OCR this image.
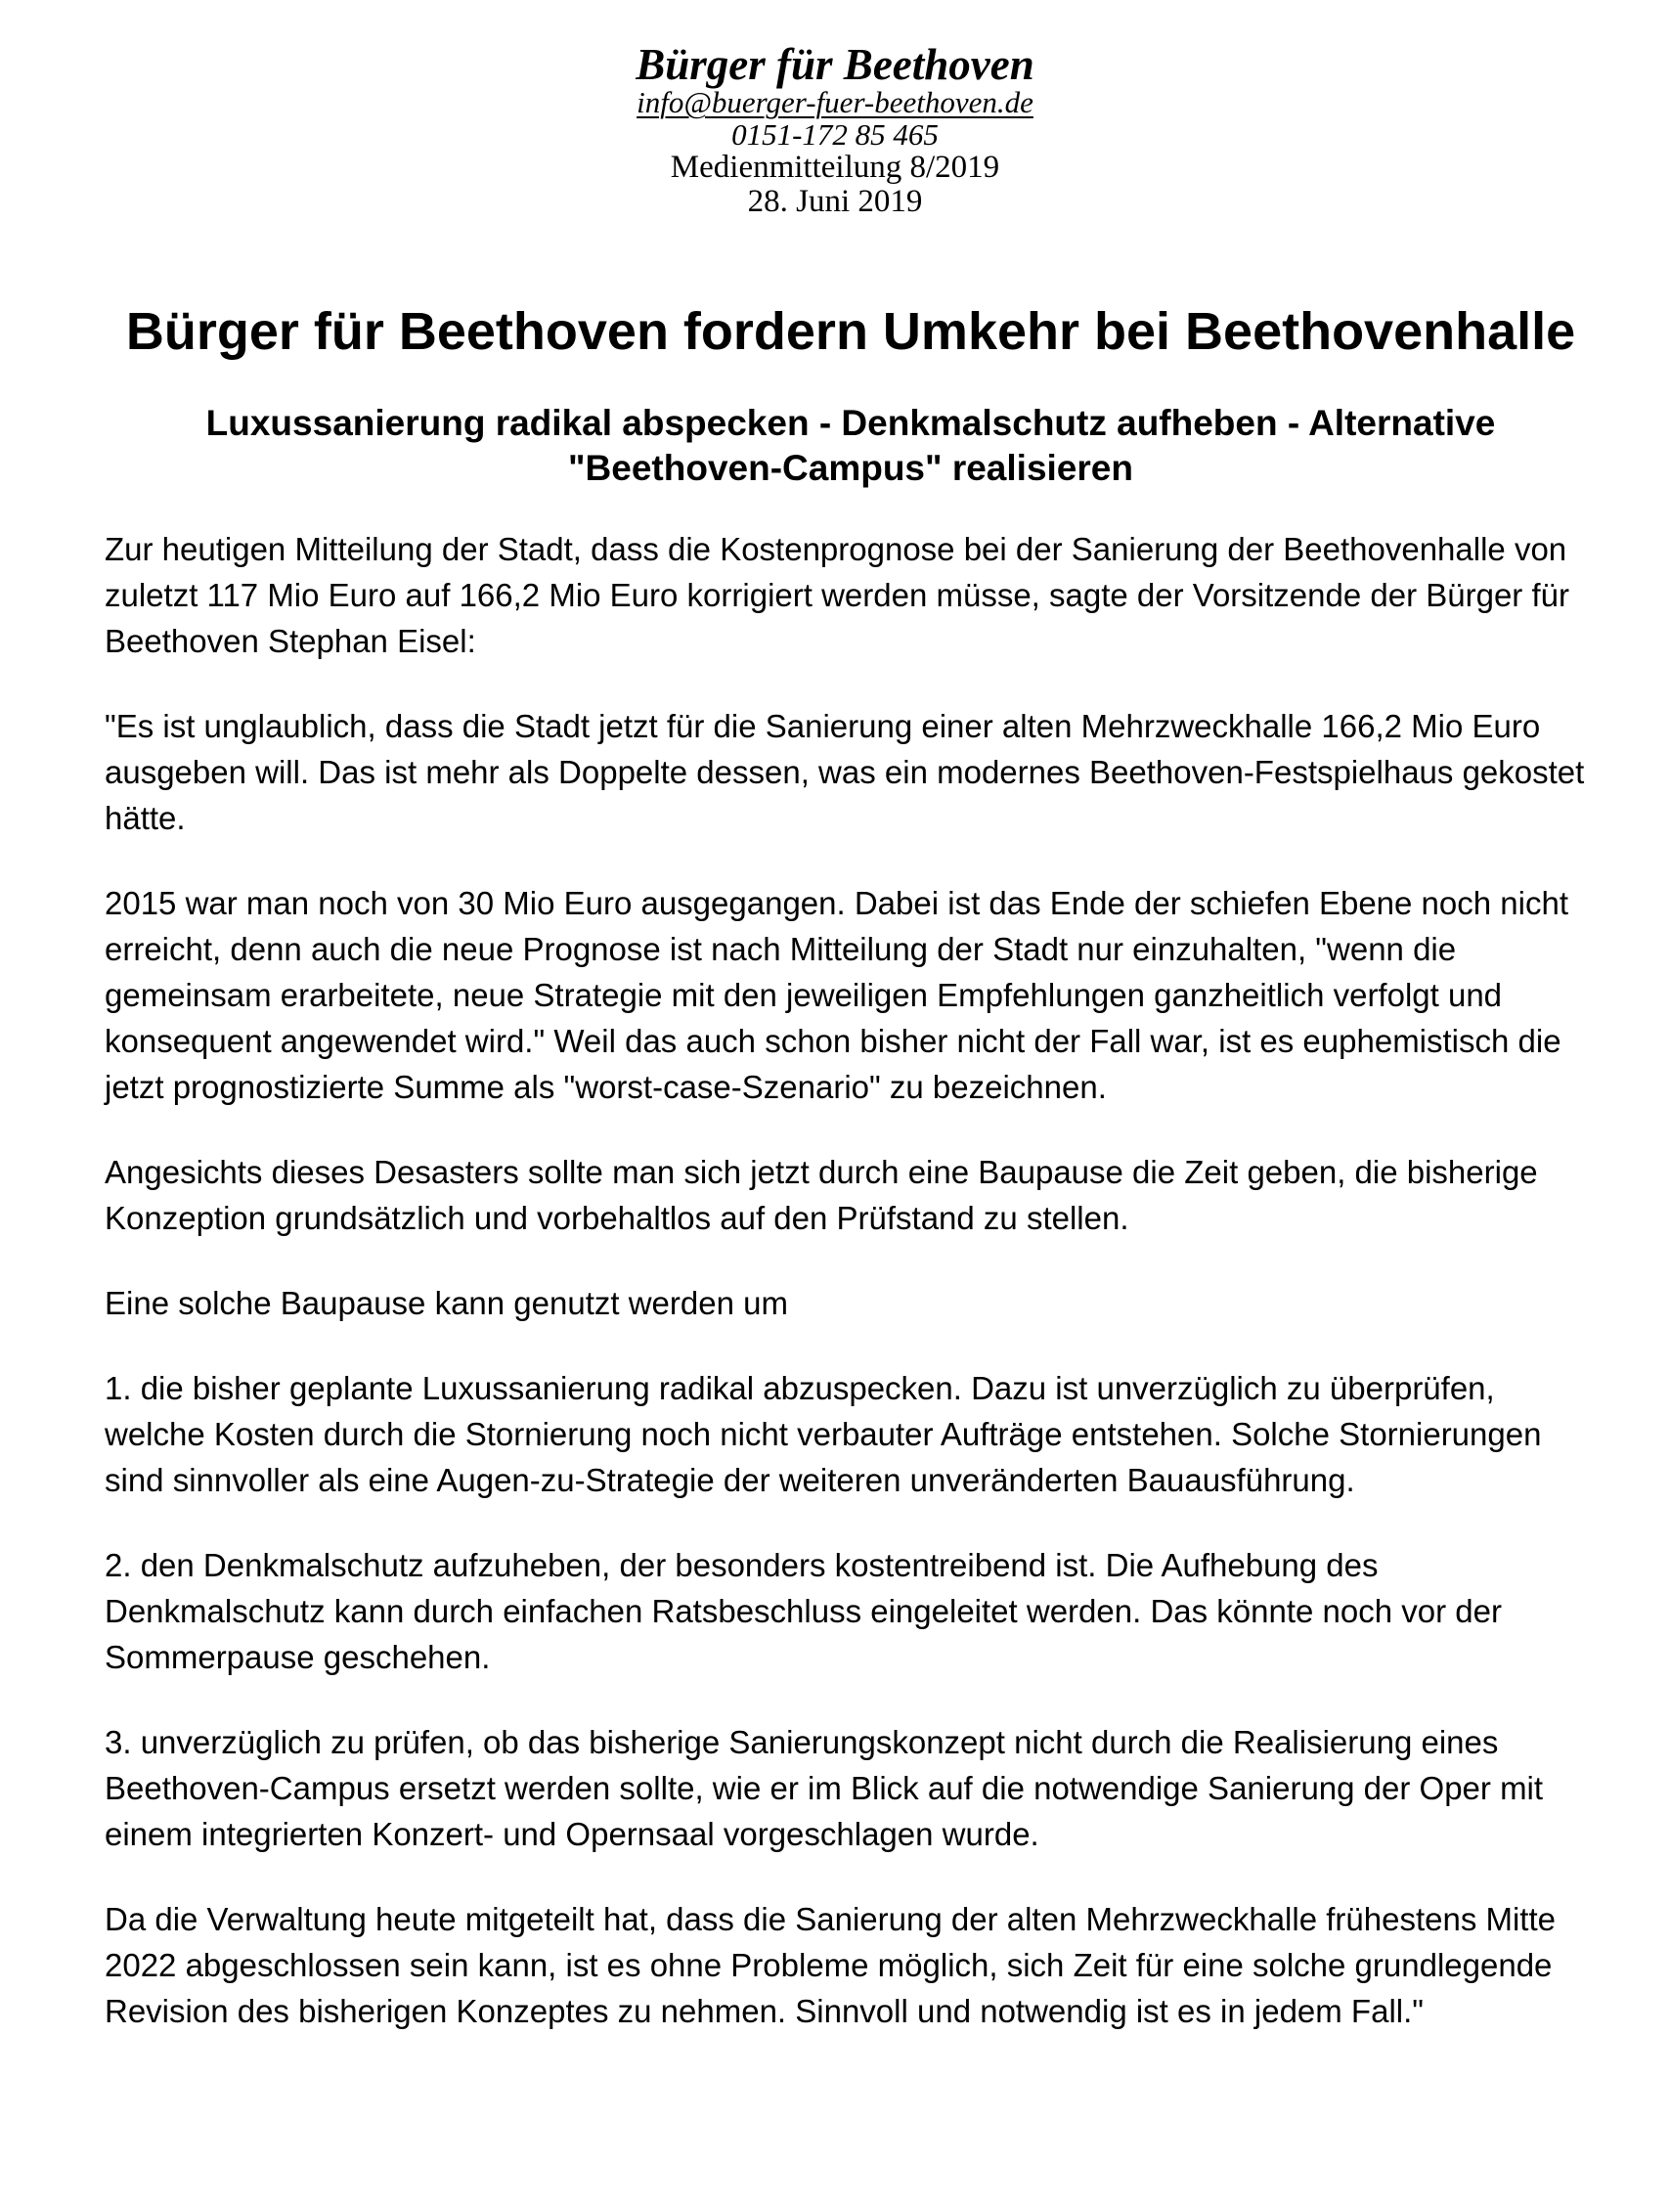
Bürger für Beethoven
info@buerger-fuer-beethoven.de
0151-172 85 465
Medienmitteilung 8/2019
28. Juni 2019
Bürger für Beethoven fordern Umkehr bei Beethovenhalle
Luxussanierung radikal abspecken - Denkmalschutz aufheben - Alternative "Beethoven-Campus" realisieren

Zur heutigen Mitteilung der Stadt, dass die Kostenprognose bei der Sanierung der Beethovenhalle von zuletzt 117 Mio Euro auf 166,2 Mio Euro korrigiert werden müsse, sagte der Vorsitzende der Bürger für Beethoven Stephan Eisel:

"Es ist unglaublich, dass die Stadt jetzt für die Sanierung einer alten Mehrzweckhalle 166,2 Mio Euro ausgeben will. Das ist mehr als Doppelte dessen, was ein modernes Beethoven-Festspielhaus gekostet hätte.

2015 war man noch von 30 Mio Euro ausgegangen. Dabei ist das Ende der schiefen Ebene noch nicht erreicht, denn auch die neue Prognose ist nach Mitteilung der Stadt nur einzuhalten, "wenn die gemeinsam erarbeitete, neue Strategie mit den jeweiligen Empfehlungen ganzheitlich verfolgt und konsequent angewendet wird." Weil das auch schon bisher nicht der Fall war, ist es euphemistisch die jetzt prognostizierte Summe als "worst-case-Szenario" zu bezeichnen.

Angesichts dieses Desasters sollte man sich jetzt durch eine Baupause die Zeit geben, die bisherige Konzeption grundsätzlich und vorbehaltlos auf den Prüfstand zu stellen.

Eine solche Baupause kann genutzt werden um

1. die bisher geplante Luxussanierung radikal abzuspecken. Dazu ist unverzüglich zu überprüfen, welche Kosten durch die Stornierung noch nicht verbauter Aufträge entstehen. Solche Stornierungen sind sinnvoller als eine Augen-zu-Strategie der weiteren unveränderten Bauausführung.

2. den Denkmalschutz aufzuheben, der besonders kostentreibend ist. Die Aufhebung des Denkmalschutz kann durch einfachen Ratsbeschluss eingeleitet werden. Das könnte noch vor der Sommerpause geschehen.

3. unverzüglich zu prüfen, ob das bisherige Sanierungskonzept nicht durch die Realisierung eines Beethoven-Campus ersetzt werden sollte, wie er im Blick auf die notwendige Sanierung der Oper mit einem integrierten Konzert- und Opernsaal vorgeschlagen wurde.

Da die Verwaltung heute mitgeteilt hat, dass die Sanierung der alten Mehrzweckhalle frühestens Mitte 2022 abgeschlossen sein kann, ist es ohne Probleme möglich, sich Zeit für eine solche grundlegende Revision des bisherigen Konzeptes zu nehmen. Sinnvoll und notwendig ist es in jedem Fall."
